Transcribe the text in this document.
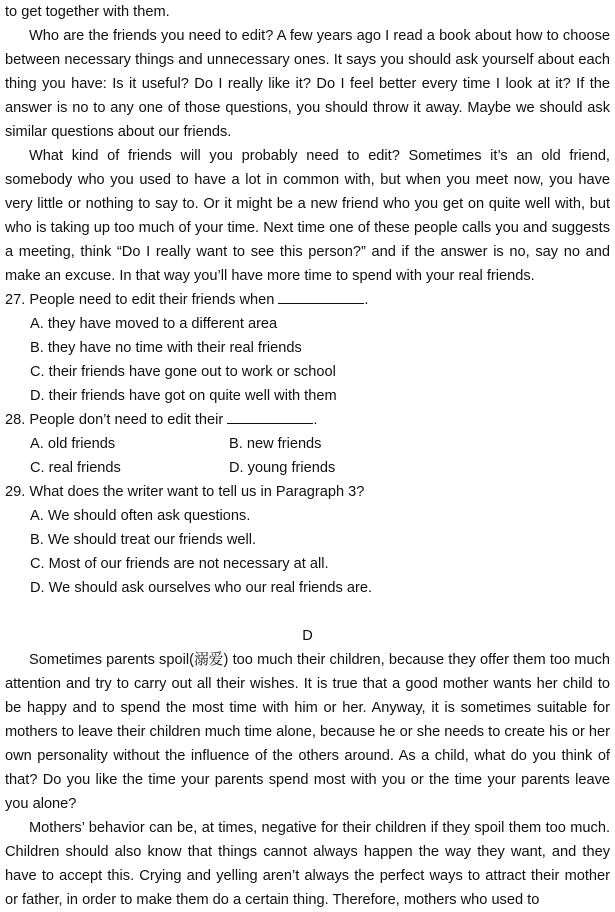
to get together with them.

Who are the friends you need to edit? A few years ago I read a book about how to choose between necessary things and unnecessary ones. It says you should ask yourself about each thing you have: Is it useful? Do I really like it? Do I feel better every time I look at it? If the answer is no to any one of those questions, you should throw it away. Maybe we should ask similar questions about our friends.

What kind of friends will you probably need to edit? Sometimes it’s an old friend, somebody who you used to have a lot in common with, but when you meet now, you have very little or nothing to say to. Or it might be a new friend who you get on quite well with, but who is taking up too much of your time. Next time one of these people calls you and suggests a meeting, think “Do I really want to see this person?” and if the answer is no, say no and make an excuse. In that way you’ll have more time to spend with your real friends.

27. People need to edit their friends when	.

A. they have moved to a different area

B. they have no time with their real friends

C. their friends have gone out to work or school

D. their friends have got on quite well with them

28. People don’t need to edit their	.

A. old friends	B. new friends

C. real friends	D. young friends

29. What does the writer want to tell us in Paragraph 3?

A. We should often ask questions.

B. We should treat our friends well.

C. Most of our friends are not necessary at all.

D. We should ask ourselves who our real friends are.

D

Sometimes parents spoil(溺爱) too much their children, because they offer them too much attention and try to carry out all their wishes. It is true that a good mother wants her child to be happy and to spend the most time with him or her. Anyway, it is sometimes suitable for mothers to leave their children much time alone, because he or she needs to create his or her own personality without the influence of the others around. As a child, what do you think of that? Do you like the time your parents spend most with you or the time your parents leave you alone?

Mothers’ behavior can be, at times, negative for their children if they spoil them too much. Children should also know that things cannot always happen the way they want, and they have to accept this. Crying and yelling aren’t always the perfect ways to attract their mother or father, in order to make them do a certain thing. Therefore, mothers who used to
